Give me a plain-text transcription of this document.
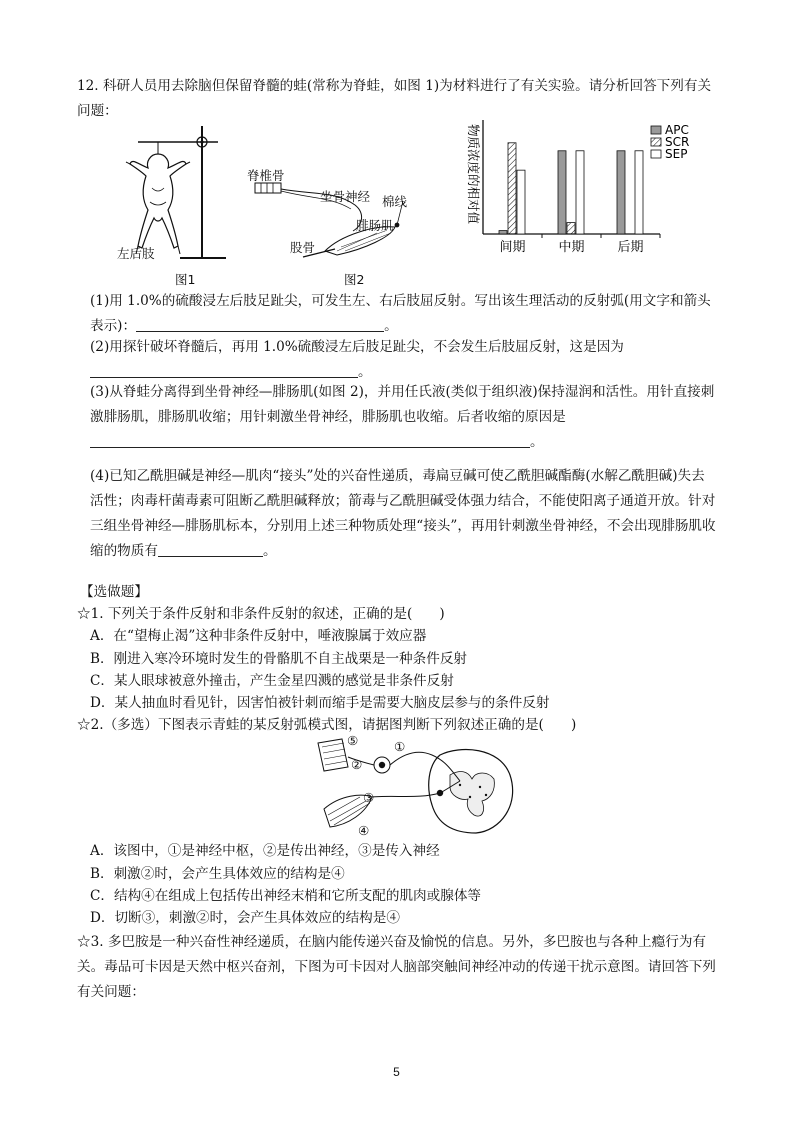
12. 科研人员用去除脑但保留脊髓的蛙(常称为脊蛙，如图 1)为材料进行了有关实验。请分析回答下列有关问题：

左后肢
图1
脊椎骨
坐骨神经 棉线
腓肠肌
股骨
图2
间期	中期	后期
APC
SCR
SEP
物质浓度的相对值

(1)用 1.0%的硫酸浸左后肢足趾尖，可发生左、右后肢屈反射。写出该生理活动的反射弧(用文字和箭头表示)：	。

(2)用探针破坏脊髓后，再用 1.0%硫酸浸左后肢足趾尖，不会发生后肢屈反射，这是因为。

(3)从脊蛙分离得到坐骨神经—腓肠肌(如图 2)，并用任氏液(类似于组织液)保持湿润和活性。用针直接刺激腓肠肌，腓肠肌收缩；用针刺激坐骨神经，腓肠肌也收缩。后者收缩的原因是
。

(4)已知乙酰胆碱是神经—肌肉“接头”处的兴奋性递质，毒扁豆碱可使乙酰胆碱酯酶(水解乙酰胆碱)失去活性；肉毒杆菌毒素可阻断乙酰胆碱释放；箭毒与乙酰胆碱受体强力结合，不能使阳离子通道开放。针对三组坐骨神经—腓肠肌标本，分别用上述三种物质处理“接头”，再用针刺激坐骨神经，不会出现腓肠肌收缩的物质有	。

【选做题】
☆1. 下列关于条件反射和非条件反射的叙述，正确的是(　　)
A．在“望梅止渴”这种非条件反射中，唾液腺属于效应器
B．刚进入寒冷环境时发生的骨骼肌不自主战栗是一种条件反射
C．某人眼球被意外撞击，产生金星四溅的感觉是非条件反射
D．某人抽血时看见针，因害怕被针刺而缩手是需要大脑皮层参与的条件反射
☆2.（多选）下图表示青蛙的某反射弧模式图，请据图判断下列叙述正确的是(　　)
⑤	①
②
③
④
A．该图中，①是神经中枢，②是传出神经，③是传入神经
B．刺激②时，会产生具体效应的结构是④
C．结构④在组成上包括传出神经末梢和它所支配的肌肉或腺体等
D．切断③，刺激②时，会产生具体效应的结构是④

☆3. 多巴胺是一种兴奋性神经递质，在脑内能传递兴奋及愉悦的信息。另外，多巴胺也与各种上瘾行为有关。毒品可卡因是天然中枢兴奋剂，下图为可卡因对人脑部突触间神经冲动的传递干扰示意图。请回答下列有关问题：

5
